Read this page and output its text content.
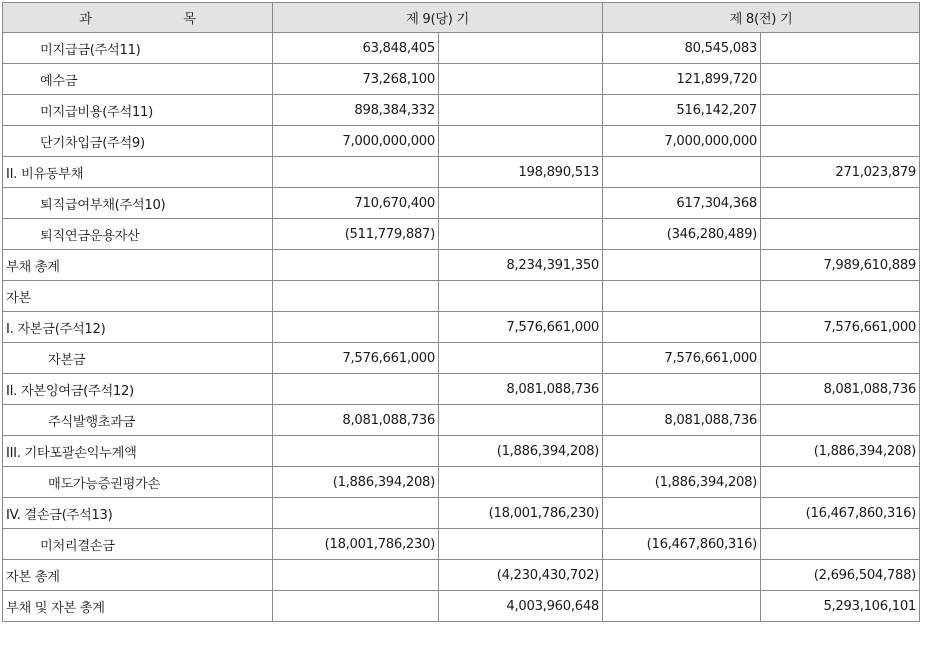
과 목	제 9(당) 기		제 8(전) 기	
미지급금(주석11)	63,848,405		80,545,083	
예수금	73,268,100		121,899,720	
미지급비용(주석11)	898,384,332		516,142,207	
단기차입금(주석9)	7,000,000,000		7,000,000,000	
II. 비유동부채		198,890,513		271,023,879
퇴직급여부채(주석10)	710,670,400		617,304,368	
퇴직연금운용자산	(511,779,887)		(346,280,489)	
부채 총계		8,234,391,350		7,989,610,889
자본				
I. 자본금(주석12)		7,576,661,000		7,576,661,000
자본금	7,576,661,000		7,576,661,000	
II. 자본잉여금(주석12)		8,081,088,736		8,081,088,736
주식발행초과금	8,081,088,736		8,081,088,736	
III. 기타포괄손익누계액		(1,886,394,208)		(1,886,394,208)
매도가능증권평가손	(1,886,394,208)		(1,886,394,208)	
IV. 결손금(주석13)		(18,001,786,230)		(16,467,860,316)
미처리결손금	(18,001,786,230)		(16,467,860,316)	
자본 총계		(4,230,430,702)		(2,696,504,788)
부채 및 자본 총계		4,003,960,648		5,293,106,101
